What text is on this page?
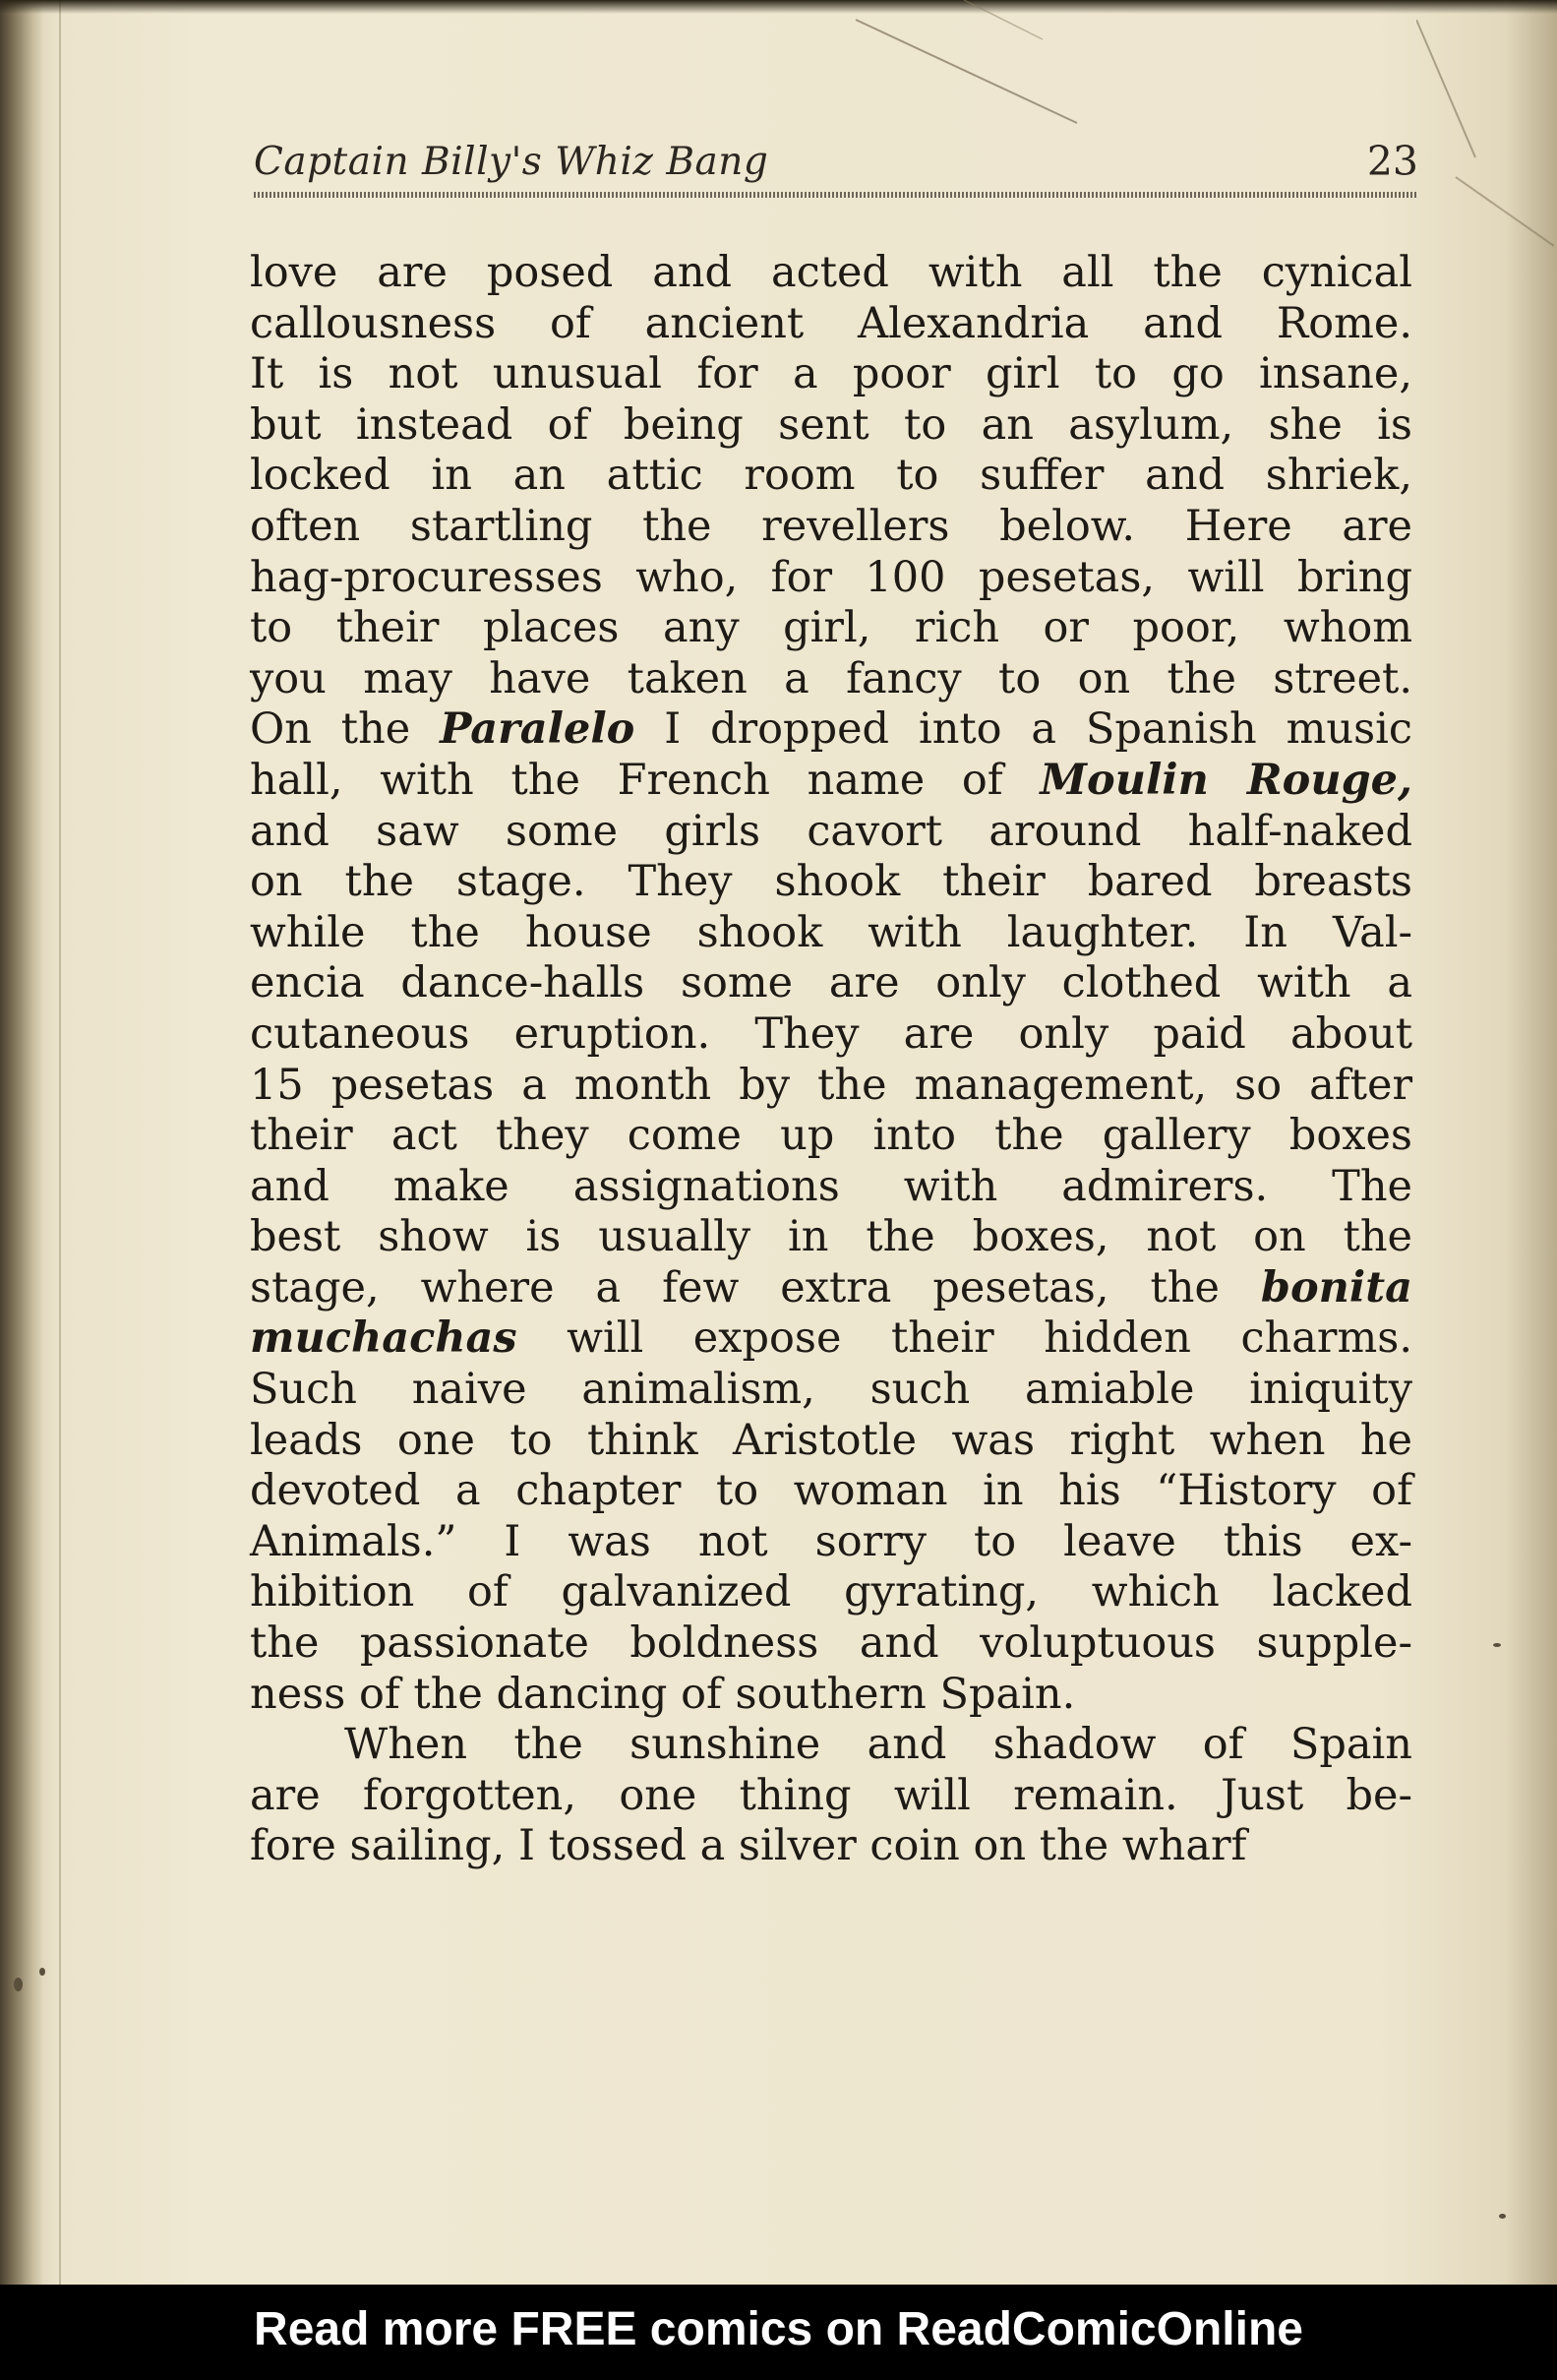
Captain Billy's Whiz Bang	23
love are posed and acted with all the cynical
callousness of ancient Alexandria and Rome.
It is not unusual for a poor girl to go insane,
but instead of being sent to an asylum, she is
locked in an attic room to suffer and shriek,
often startling the revellers below. Here are
hag-procuresses who, for 100 pesetas, will bring
to their places any girl, rich or poor, whom
you may have taken a fancy to on the street.
On the Paralelo I dropped into a Spanish music
hall, with the French name of Moulin Rouge,
and saw some girls cavort around half-naked
on the stage. They shook their bared breasts
while the house shook with laughter. In Val-
encia dance-halls some are only clothed with a
cutaneous eruption. They are only paid about
15 pesetas a month by the management, so after
their act they come up into the gallery boxes
and make assignations with admirers. The
best show is usually in the boxes, not on the
stage, where a few extra pesetas, the bonita
muchachas will expose their hidden charms.
Such naive animalism, such amiable iniquity
leads one to think Aristotle was right when he
devoted a chapter to woman in his “History of
Animals.” I was not sorry to leave this ex-
hibition of galvanized gyrating, which lacked
the passionate boldness and voluptuous supple-
ness of the dancing of southern Spain.
When the sunshine and shadow of Spain
are forgotten, one thing will remain. Just be-
fore sailing, I tossed a silver coin on the wharf
Read more FREE comics on ReadComicOnline
